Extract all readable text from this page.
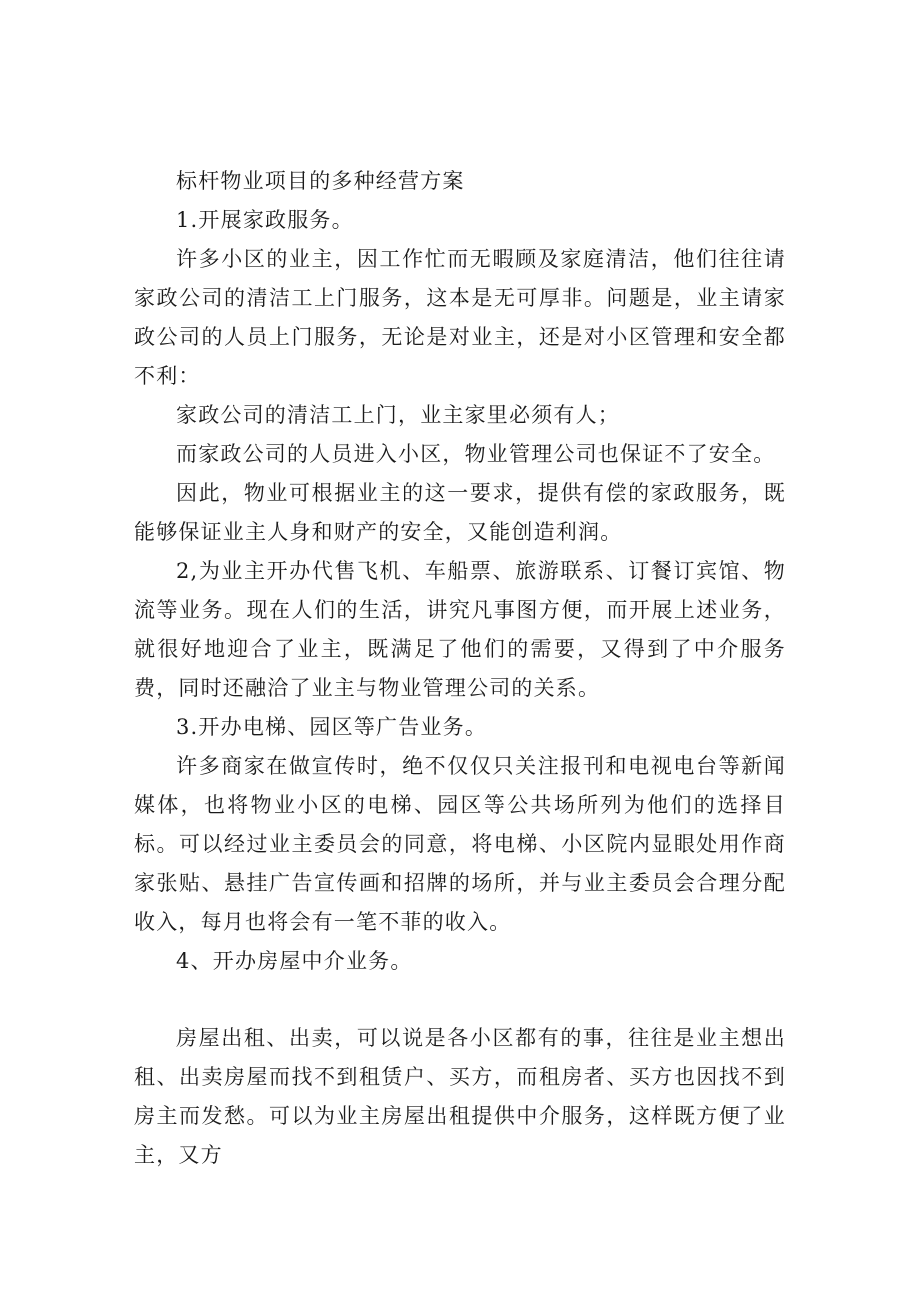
标杆物业项目的多种经营方案

1.开展家政服务。

许多小区的业主，因工作忙而无暇顾及家庭清洁，他们往往请家政公司的清洁工上门服务，这本是无可厚非。问题是，业主请家政公司的人员上门服务，无论是对业主，还是对小区管理和安全都不利：

家政公司的清洁工上门，业主家里必须有人；

而家政公司的人员进入小区，物业管理公司也保证不了安全。

因此，物业可根据业主的这一要求，提供有偿的家政服务，既能够保证业主人身和财产的安全，又能创造利润。

2,为业主开办代售飞机、车船票、旅游联系、订餐订宾馆、物流等业务。现在人们的生活，讲究凡事图方便，而开展上述业务，就很好地迎合了业主，既满足了他们的需要，又得到了中介服务费，同时还融洽了业主与物业管理公司的关系。

3.开办电梯、园区等广告业务。

许多商家在做宣传时，绝不仅仅只关注报刊和电视电台等新闻媒体，也将物业小区的电梯、园区等公共场所列为他们的选择目标。可以经过业主委员会的同意，将电梯、小区院内显眼处用作商家张贴、悬挂广告宣传画和招牌的场所，并与业主委员会合理分配收入，每月也将会有一笔不菲的收入。

4、开办房屋中介业务。

房屋出租、出卖，可以说是各小区都有的事，往往是业主想出租、出卖房屋而找不到租赁户、买方，而租房者、买方也因找不到房主而发愁。可以为业主房屋出租提供中介服务，这样既方便了业主，又方
